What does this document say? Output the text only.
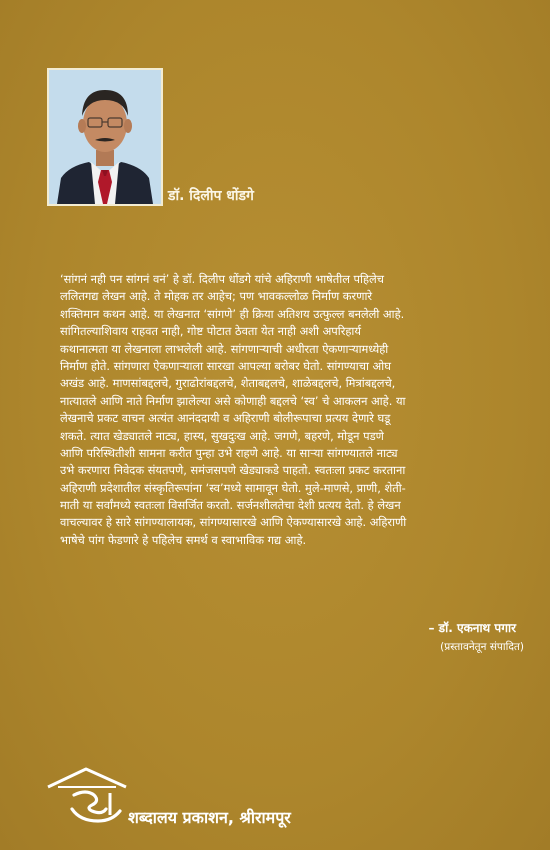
डॉ. दिलीप धोंडगे
‘सांगनं नही पन सांगनं वनं’ हे डॉ. दिलीप धोंडगे यांचे अहिराणी भाषेतील पहिलेच
ललितगद्य लेखन आहे. ते मोहक तर आहेच; पण भावकल्लोळ निर्माण करणारे
शक्तिमान कथन आहे. या लेखनात ‘सांगणे’ ही क्रिया अतिशय उत्फुल्ल बनलेली आहे.
सांगितल्याशिवाय राहवत नाही, गोष्ट पोटात ठेवता येत नाही अशी अपरिहार्य
कथानात्मता या लेखनाला लाभलेली आहे. सांगणाऱ्याची अधीरता ऐकणाऱ्यामध्येही
निर्माण होते. सांगणारा ऐकणाऱ्याला सारखा आपल्या बरोबर घेतो. सांगण्याचा ओघ
अखंड आहे. माणसांबद्दलचे, गुराढोरांबद्दलचे, शेताबद्दलचे, शाळेबद्दलचे, मित्रांबद्दलचे,
नात्यातले आणि नाते निर्माण झालेल्या असे कोणाही बद्दलचे ‘स्व’ चे आकलन आहे. या
लेखनाचे प्रकट वाचन अत्यंत आनंददायी व अहिराणी बोलीरूपाचा प्रत्यय देणारे घडू
शकते. त्यात खेड्यातले नाट्य, हास्य, सुखदुःख आहे. जगणे, बहरणे, मोडून पडणे
आणि परिस्थितीशी सामना करीत पुन्हा उभे राहणे आहे. या साऱ्या सांगण्यातले नाट्य
उभे करणारा निवेदक संयतपणे, समंजसपणे खेड्याकडे पाहतो. स्वतःला प्रकट करताना
अहिराणी प्रदेशातील संस्कृतिरूपांना ‘स्व’मध्ये सामावून घेतो. मुले-माणसे, प्राणी, शेती-
माती या सर्वांमध्ये स्वतःला विसर्जित करतो. सर्जनशीलतेचा देशी प्रत्यय देतो. हे लेखन
वाचल्यावर हे सारे सांगण्यालायक, सांगण्यासारखे आणि ऐकण्यासारखे आहे. अहिराणी
भाषेचे पांग फेडणारे हे पहिलेच समर्थ व स्वाभाविक गद्य आहे.
– डॉ. एकनाथ पगार
(प्रस्तावनेतून संपादित)
शब्दालय प्रकाशन, श्रीरामपूर
